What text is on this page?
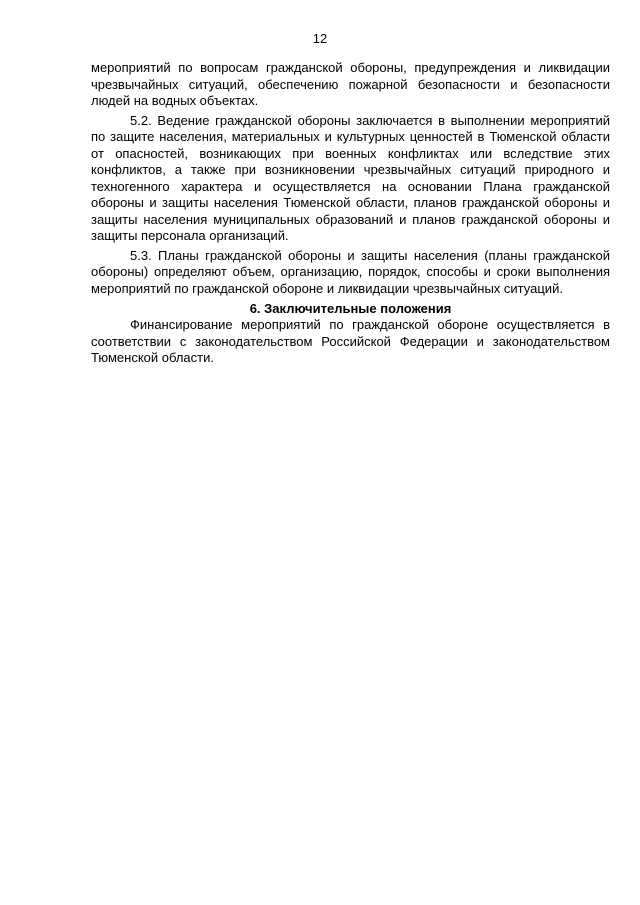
12

мероприятий по вопросам гражданской обороны, предупреждения и ликвидации чрезвычайных ситуаций, обеспечению пожарной безопасности и безопасности людей на водных объектах.

5.2. Ведение гражданской обороны заключается в выполнении мероприятий по защите населения, материальных и культурных ценностей в Тюменской области от опасностей, возникающих при военных конфликтах или вследствие этих конфликтов, а также при возникновении чрезвычайных ситуаций природного и техногенного характера и осуществляется на основании Плана гражданской обороны и защиты населения Тюменской области, планов гражданской обороны и защиты населения муниципальных образований и планов гражданской обороны и защиты персонала организаций.

5.3. Планы гражданской обороны и защиты населения (планы гражданской обороны) определяют объем, организацию, порядок, способы и сроки выполнения мероприятий по гражданской обороне и ликвидации чрезвычайных ситуаций.

6. Заключительные положения

Финансирование мероприятий по гражданской обороне осуществляется в соответствии с законодательством Российской Федерации и законодательством Тюменской области.
